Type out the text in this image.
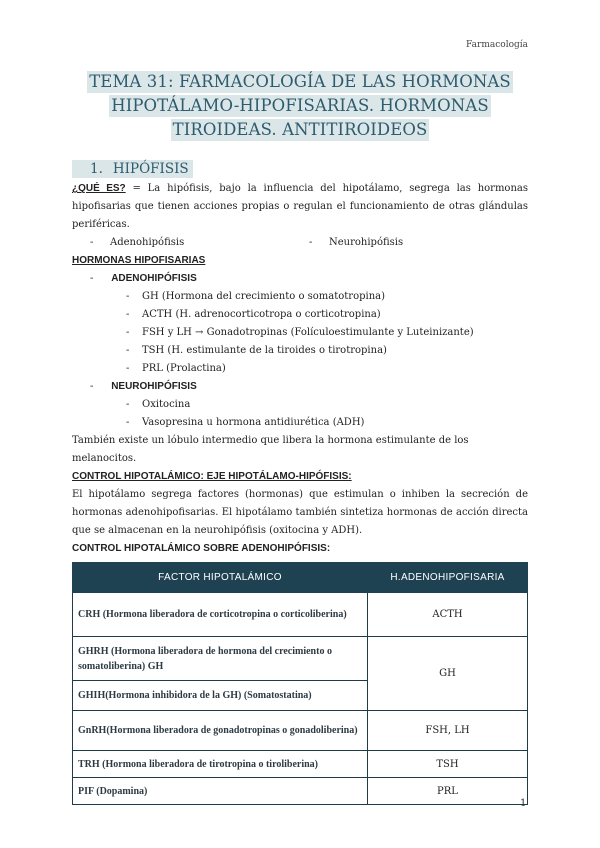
Farmacología
TEMA 31: FARMACOLOGÍA DE LAS HORMONAS
HIPOTÁLAMO-HIPOFISARIAS. HORMONAS
TIROIDEAS. ANTITIROIDEOS
1. HIPÓFISIS

¿QUÉ ES? = La hipófisis, bajo la influencia del hipotálamo, segrega las hormonas hipofisarias que tienen acciones propias o regulan el funcionamiento de otras glándulas periféricas.

- Adenohipófisis	- Neurohipófisis
HORMONAS HIPOFISARIAS
- ADENOHIPÓFISIS
- GH (Hormona del crecimiento o somatotropina)
- ACTH (H. adrenocorticotropa o corticotropina)
- FSH y LH → Gonadotropinas (Folículoestimulante y Luteinizante)
- TSH (H. estimulante de la tiroides o tirotropina)
- PRL (Prolactina)
- NEUROHIPÓFISIS
- Oxitocina
- Vasopresina u hormona antidiurética (ADH)

También existe un lóbulo intermedio que libera la hormona estimulante de los melanocitos.

CONTROL HIPOTALÁMICO: EJE HIPOTÁLAMO-HIPÓFISIS:

El hipotálamo segrega factores (hormonas) que estimulan o inhiben la secreción de hormonas adenohipofisarias. El hipotálamo también sintetiza hormonas de acción directa que se almacenan en la neurohipófisis (oxitocina y ADH).

CONTROL HIPOTALÁMICO SOBRE ADENOHIPÓFISIS:
FACTOR HIPOTALÁMICO	H.ADENOHIPOFISARIA
CRH (Hormona liberadora de corticotropina o corticoliberina)	ACTH
GHRH (Hormona liberadora de hormona del crecimiento o somatoliberina) GH	GH
GHIH(Hormona inhibidora de la GH) (Somatostatina)	
GnRH(Hormona liberadora de gonadotropinas o gonadoliberina)	FSH, LH
TRH (Hormona liberadora de tirotropina o tiroliberina)	TSH
PIF (Dopamina)	PRL
1
